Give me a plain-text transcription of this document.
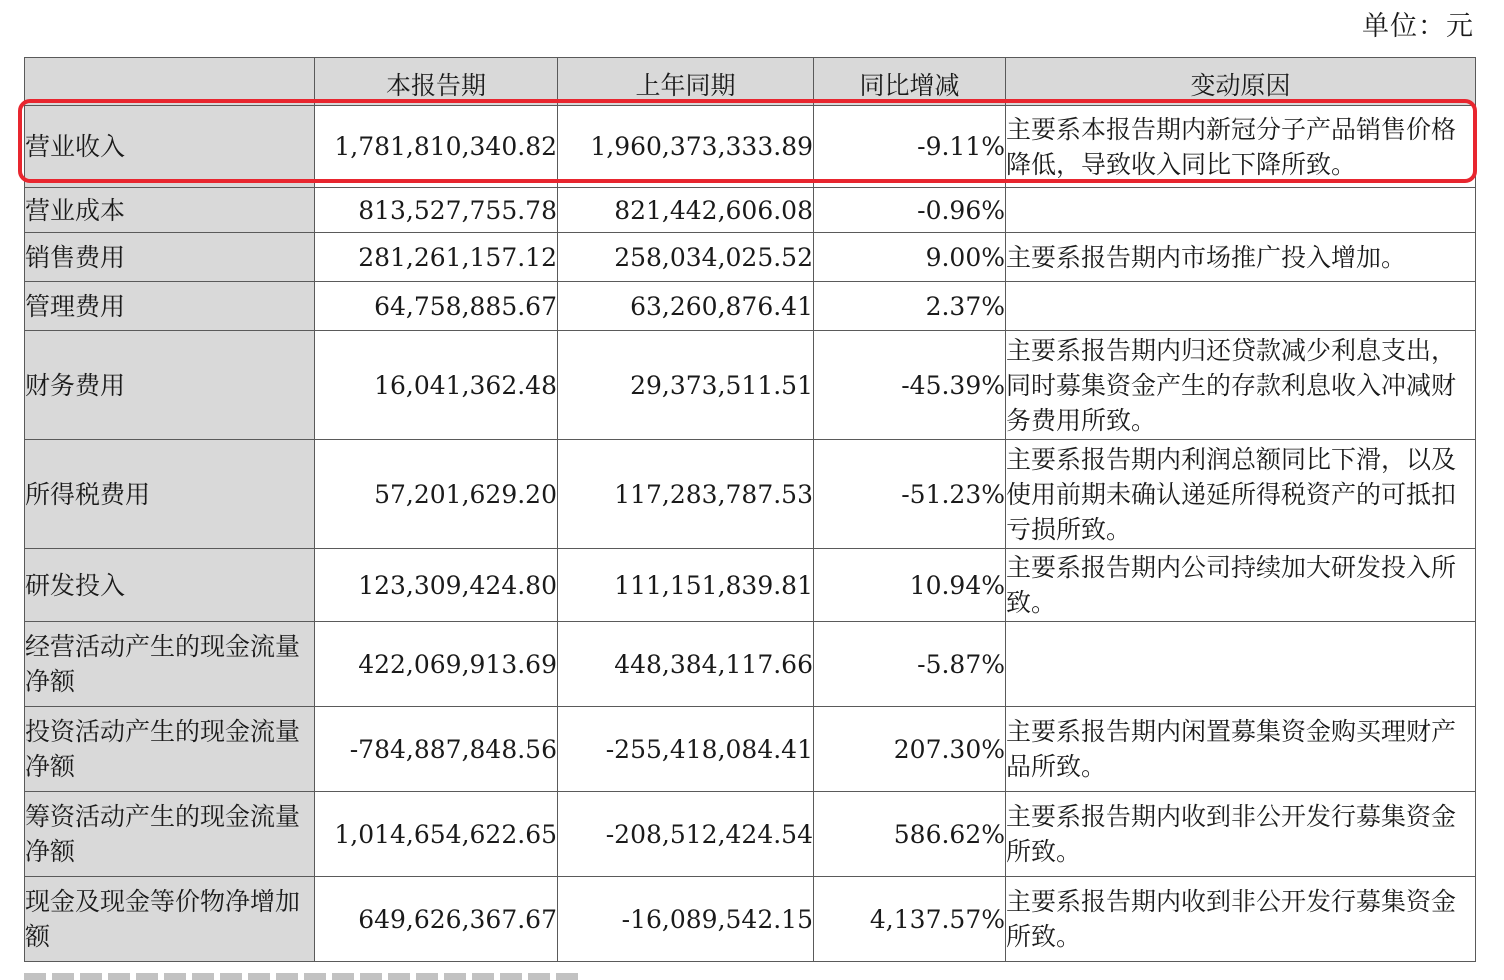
单位：元
	本报告期	上年同期	同比增减	变动原因
营业收入	1,781,810,340.82	1,960,373,333.89	-9.11%	主要系本报告期内新冠分子产品销售价格降低，导致收入同比下降所致。
营业成本	813,527,755.78	821,442,606.08	-0.96%	
销售费用	281,261,157.12	258,034,025.52	9.00%	主要系报告期内市场推广投入增加。
管理费用	64,758,885.67	63,260,876.41	2.37%	
财务费用	16,041,362.48	29,373,511.51	-45.39%	主要系报告期内归还贷款减少利息支出，同时募集资金产生的存款利息收入冲减财务费用所致。
所得税费用	57,201,629.20	117,283,787.53	-51.23%	主要系报告期内利润总额同比下滑，以及使用前期未确认递延所得税资产的可抵扣亏损所致。
研发投入	123,309,424.80	111,151,839.81	10.94%	主要系报告期内公司持续加大研发投入所致。
经营活动产生的现金流量净额	422,069,913.69	448,384,117.66	-5.87%	
投资活动产生的现金流量净额	-784,887,848.56	-255,418,084.41	207.30%	主要系报告期内闲置募集资金购买理财产品所致。
筹资活动产生的现金流量净额	1,014,654,622.65	-208,512,424.54	586.62%	主要系报告期内收到非公开发行募集资金所致。
现金及现金等价物净增加额	649,626,367.67	-16,089,542.15	4,137.57%	主要系报告期内收到非公开发行募集资金所致。
